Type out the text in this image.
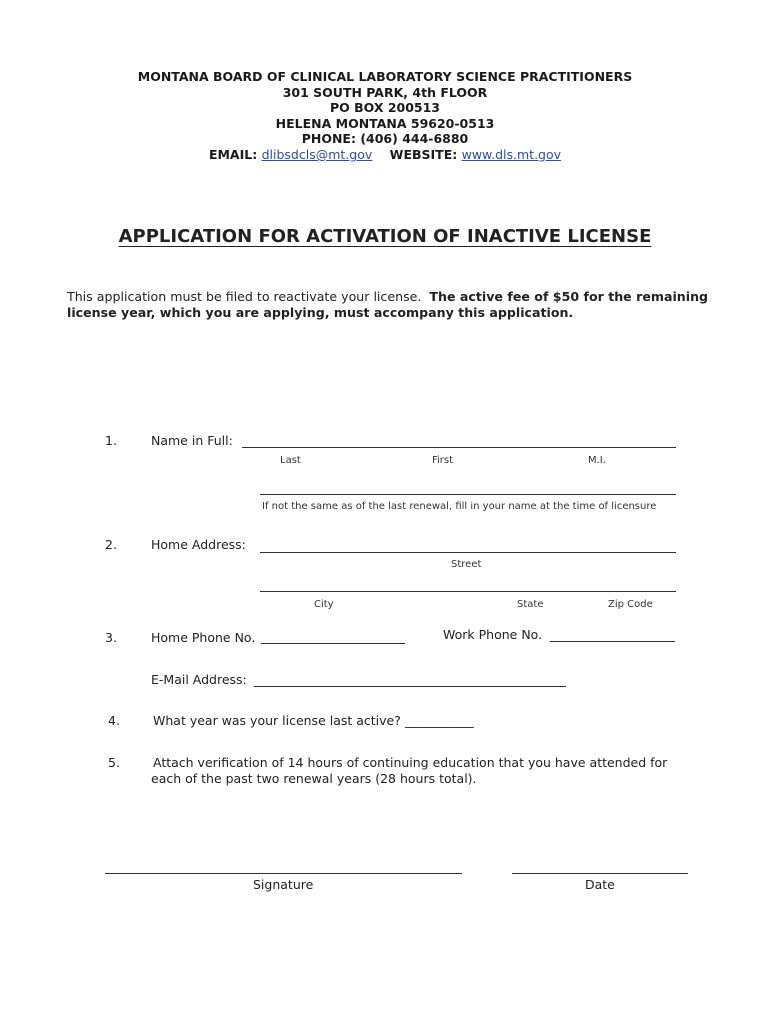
MONTANA BOARD OF CLINICAL LABORATORY SCIENCE PRACTITIONERS
301 SOUTH PARK, 4th FLOOR
PO BOX 200513
HELENA MONTANA 59620-0513
PHONE: (406) 444-6880
EMAIL: dlibsdcls@mt.gov WEBSITE: www.dls.mt.gov
APPLICATION FOR ACTIVATION OF INACTIVE LICENSE
This application must be filed to reactivate your license. The active fee of $50 for the remaining license year, which you are applying, must accompany this application.
1.	Name in Full:
Last	First	M.I.
If not the same as of the last renewal, fill in your name at the time of licensure
2.	Home Address:
Street
City	State	Zip Code
3.	Home Phone No.	Work Phone No.
E-Mail Address:
4.	What year was your license last active? ___________
5.	Attach verification of 14 hours of continuing education that you have attended for
each of the past two renewal years (28 hours total).
Signature	Date
